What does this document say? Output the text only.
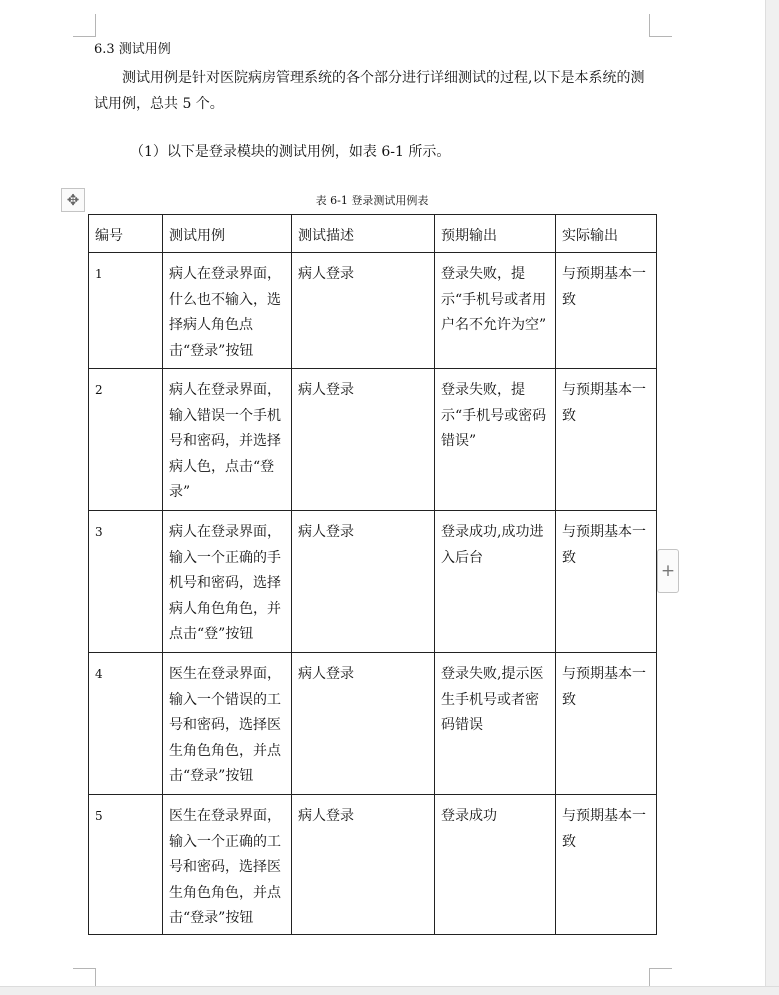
6.3 测试用例

测试用例是针对医院病房管理系统的各个部分进行详细测试的过程,以下是本系统的测试用例，总共 5 个。

（1）以下是登录模块的测试用例，如表 6-1 所示。
✥	表 6-1 登录测试用例表
编号	测试用例	测试描述	预期输出	实际输出
1	病人在登录界面，什么也不输入，选择病人角色点击“登录”按钮	病人登录	登录失败，提示“手机号或者用户名不允许为空”	与预期基本一致
2	病人在登录界面，输入错误一个手机号和密码，并选择病人色，点击“登录”	病人登录	登录失败，提示“手机号或密码错误”	与预期基本一致
3	病人在登录界面，输入一个正确的手机号和密码，选择病人角色角色，并点击“登”按钮	病人登录	登录成功,成功进入后台	与预期基本一致
4	医生在登录界面，输入一个错误的工号和密码，选择医生角色角色，并点击“登录”按钮	病人登录	登录失败,提示医生手机号或者密码错误	与预期基本一致
5	医生在登录界面，输入一个正确的工号和密码，选择医生角色角色，并点击“登录”按钮	病人登录	登录成功	与预期基本一致
+
